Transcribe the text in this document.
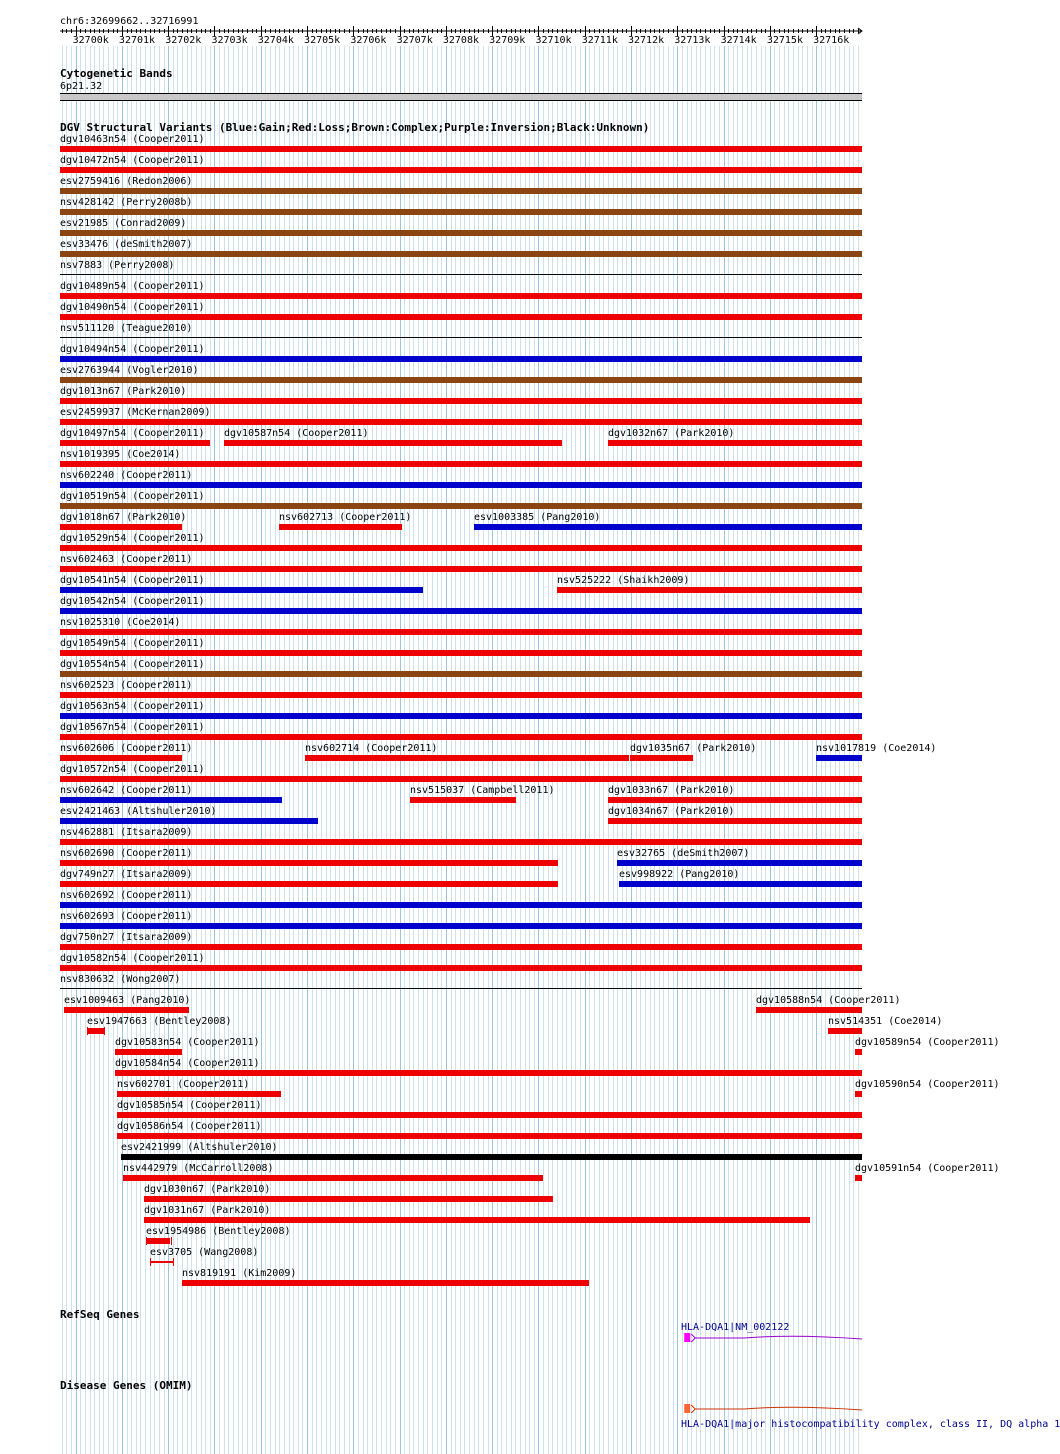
chr6:32699662..32716991
32700k 32701k 32702k 32703k 32704k 32705k 32706k 32707k 32708k 32709k 32710k 32711k 32712k 32713k 32714k 32715k 32716k
Cytogenetic Bands
6p21.32
DGV Structural Variants (Blue:Gain;Red:Loss;Brown:Complex;Purple:Inversion;Black:Unknown)
dgv10463n54 (Cooper2011)
dgv10472n54 (Cooper2011)
esv2759416 (Redon2006)
nsv428142 (Perry2008b)
esv21985 (Conrad2009)
esv33476 (deSmith2007)
nsv7883 (Perry2008)
dgv10489n54 (Cooper2011)
dgv10490n54 (Cooper2011)
nsv511120 (Teague2010)
dgv10494n54 (Cooper2011)
esv2763944 (Vogler2010)
dgv1013n67 (Park2010)
esv2459937 (McKernan2009)
dgv10497n54 (Cooper2011) dgv10587n54 (Cooper2011)	dgv1032n67 (Park2010)
nsv1019395 (Coe2014)
nsv602240 (Cooper2011)
dgv10519n54 (Cooper2011)
dgv1018n67 (Park2010)	nsv602713 (Cooper2011)	esv1003385 (Pang2010)
dgv10529n54 (Cooper2011)
nsv602463 (Cooper2011)
dgv10541n54 (Cooper2011)	nsv525222 (Shaikh2009)
dgv10542n54 (Cooper2011)
nsv1025310 (Coe2014)
dgv10549n54 (Cooper2011)
dgv10554n54 (Cooper2011)
nsv602523 (Cooper2011)
dgv10563n54 (Cooper2011)
dgv10567n54 (Cooper2011)
nsv602606 (Cooper2011)	nsv602714 (Cooper2011)	dgv1035n67 (Park2010)	nsv1017819 (Coe2014)
dgv10572n54 (Cooper2011)
nsv602642 (Cooper2011)	nsv515037 (Campbell2011)	dgv1033n67 (Park2010)
esv2421463 (Altshuler2010)	dgv1034n67 (Park2010)
nsv462881 (Itsara2009)
nsv602690 (Cooper2011)	esv32765 (deSmith2007)
dgv749n27 (Itsara2009)	esv998922 (Pang2010)
nsv602692 (Cooper2011)
nsv602693 (Cooper2011)
dgv750n27 (Itsara2009)
dgv10582n54 (Cooper2011)
nsv830632 (Wong2007)
esv1009463 (Pang2010)	dgv10588n54 (Cooper2011)
esv1947663 (Bentley2008)	nsv514351 (Coe2014)
dgv10583n54 (Cooper2011)	dgv10589n54 (Cooper2011)
dgv10584n54 (Cooper2011)
nsv602701 (Cooper2011)	dgv10590n54 (Cooper2011)
dgv10585n54 (Cooper2011)
dgv10586n54 (Cooper2011)
esv2421999 (Altshuler2010)
nsv442979 (McCarroll2008)	dgv10591n54 (Cooper2011)
dgv1030n67 (Park2010)
dgv1031n67 (Park2010)
esv1954986 (Bentley2008)
esv3705 (Wang2008)
nsv819191 (Kim2009)
RefSeq Genes
HLA-DQA1|NM_002122
Disease Genes (OMIM)
HLA-DQA1|major histocompatibility complex, class II, DQ alpha 1
